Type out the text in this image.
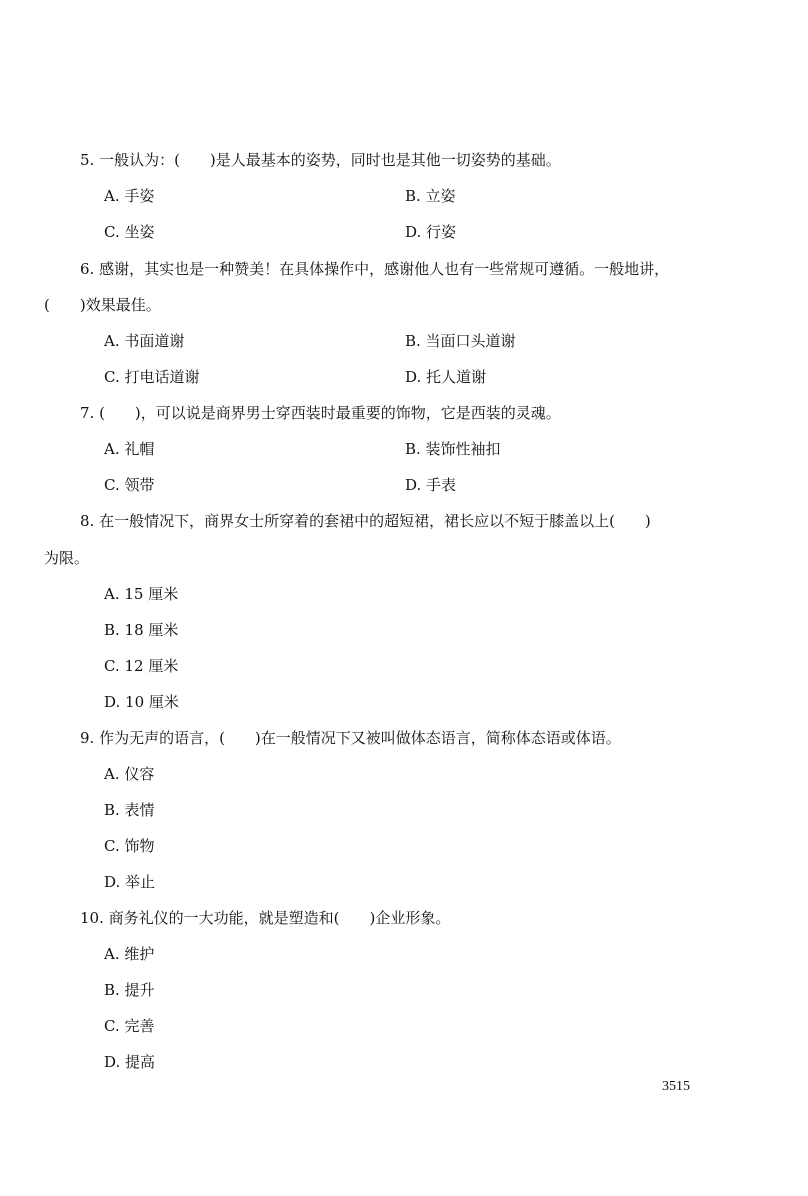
5. 一般认为：(　　)是人最基本的姿势，同时也是其他一切姿势的基础。
A. 手姿	B. 立姿
C. 坐姿	D. 行姿
6. 感谢，其实也是一种赞美！在具体操作中，感谢他人也有一些常规可遵循。一般地讲，
(　　)效果最佳。
A. 书面道谢	B. 当面口头道谢
C. 打电话道谢	D. 托人道谢
7. (　　)，可以说是商界男士穿西装时最重要的饰物，它是西装的灵魂。
A. 礼帽	B. 装饰性袖扣
C. 领带	D. 手表
8. 在一般情况下，商界女士所穿着的套裙中的超短裙，裙长应以不短于膝盖以上(　　)
为限。
A. 15 厘米
B. 18 厘米
C. 12 厘米
D. 10 厘米
9. 作为无声的语言，(　　)在一般情况下又被叫做体态语言，简称体态语或体语。
A. 仪容
B. 表情
C. 饰物
D. 举止
10. 商务礼仪的一大功能，就是塑造和(　　)企业形象。
A. 维护
B. 提升
C. 完善
D. 提高
3515
